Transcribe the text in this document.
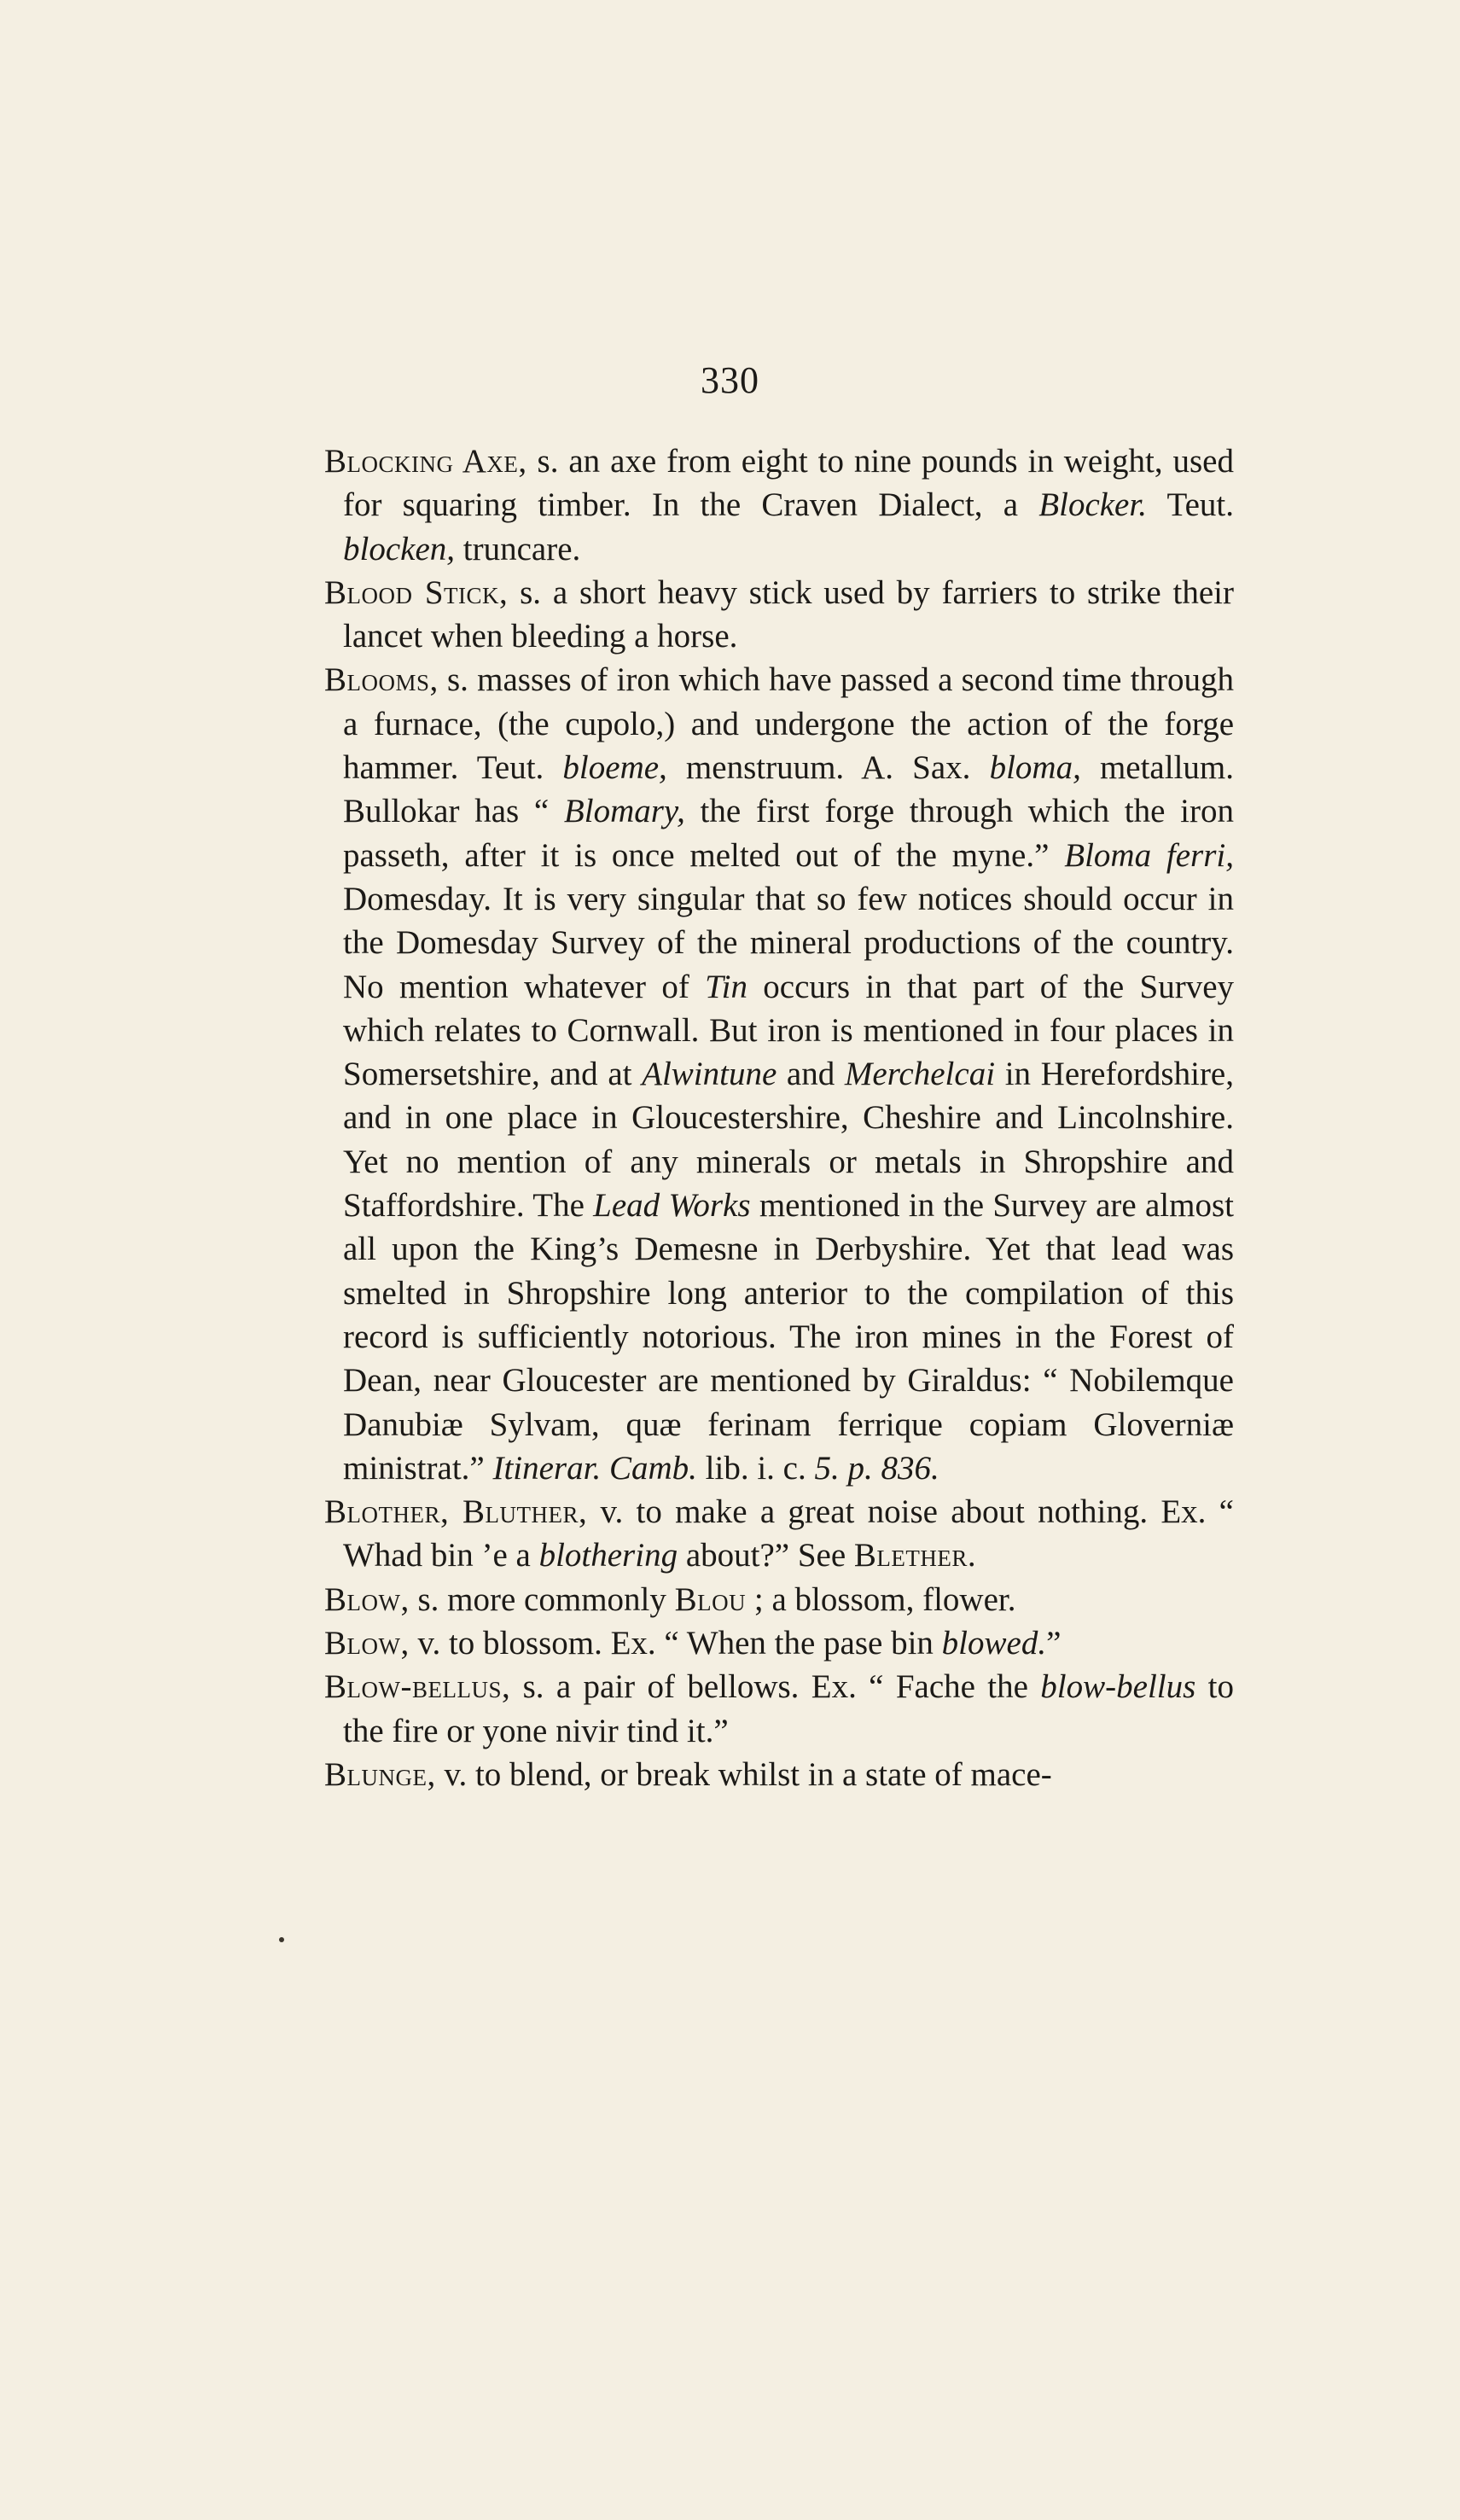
330

Blocking Axe, s. an axe from eight to nine pounds in weight, used for squaring timber. In the Craven Dialect, a Blocker. Teut. blocken, truncare.

Blood Stick, s. a short heavy stick used by farriers to strike their lancet when bleeding a horse.

Blooms, s. masses of iron which have passed a second time through a furnace, (the cupolo,) and undergone the action of the forge hammer. Teut. bloeme, menstruum. A. Sax. bloma, metallum. Bullokar has “ Blomary, the first forge through which the iron passeth, after it is once melted out of the myne.” Bloma ferri, Domesday. It is very singular that so few notices should occur in the Domesday Survey of the mineral productions of the country. No mention whatever of Tin occurs in that part of the Survey which relates to Cornwall. But iron is mentioned in four places in Somersetshire, and at Alwintune and Merchelcai in Herefordshire, and in one place in Gloucestershire, Cheshire and Lincolnshire. Yet no mention of any minerals or metals in Shropshire and Staffordshire. The Lead Works mentioned in the Survey are almost all upon the King’s Demesne in Derbyshire. Yet that lead was smelted in Shropshire long anterior to the compilation of this record is sufficiently notorious. The iron mines in the Forest of Dean, near Gloucester are mentioned by Giraldus: “ Nobilemque Danubiæ Sylvam, quæ ferinam ferrique copiam Gloverniæ ministrat.” Itinerar. Camb. lib. i. c. 5. p. 836.

Blother, Bluther, v. to make a great noise about nothing. Ex. “ Whad bin ’e a blothering about?” See Blether.

Blow, s. more commonly Blou ; a blossom, flower.

Blow, v. to blossom. Ex. “ When the pase bin blowed.”

Blow-bellus, s. a pair of bellows. Ex. “ Fache the blow-bellus to the fire or yone nivir tind it.”

Blunge, v. to blend, or break whilst in a state of mace-
